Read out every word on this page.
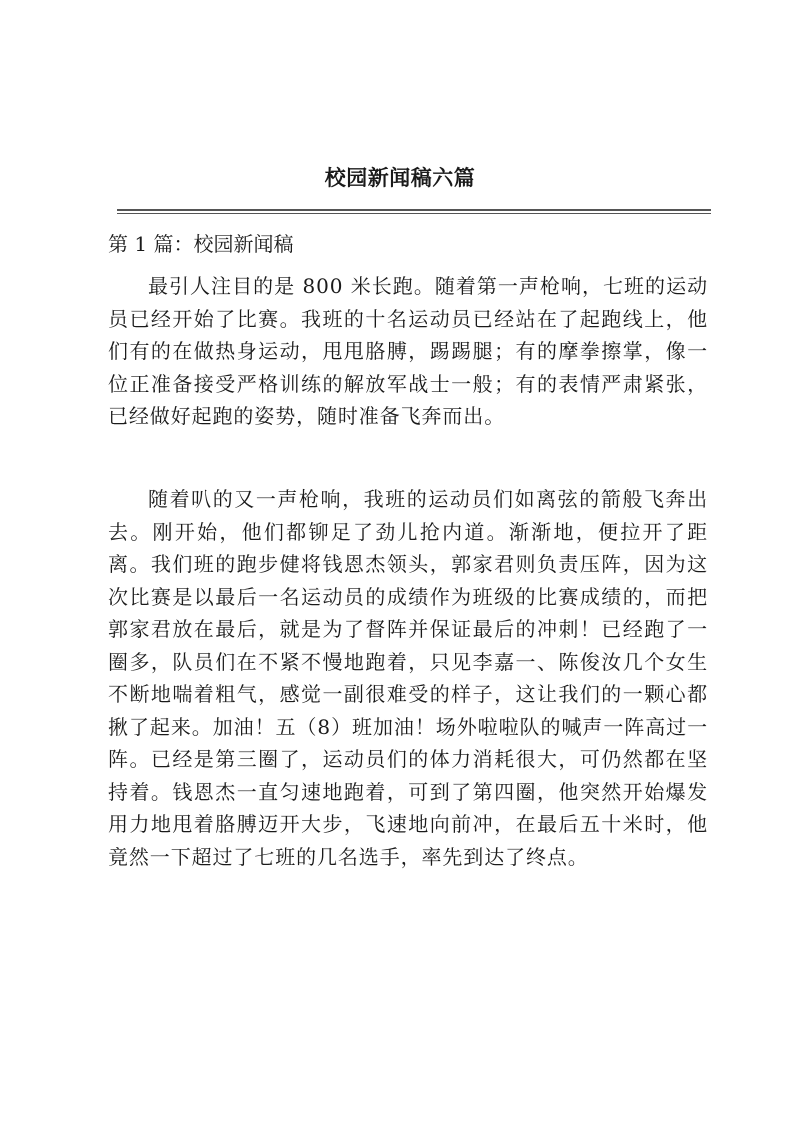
校园新闻稿六篇
第 1 篇：校园新闻稿

最引人注目的是 800 米长跑。随着第一声枪响，七班的运动员已经开始了比赛。我班的十名运动员已经站在了起跑线上，他们有的在做热身运动，甩甩胳膊，踢踢腿；有的摩拳擦掌，像一位正准备接受严格训练的解放军战士一般；有的表情严肃紧张，已经做好起跑的姿势，随时准备飞奔而出。

随着叭的又一声枪响，我班的运动员们如离弦的箭般飞奔出去。刚开始，他们都铆足了劲儿抢内道。渐渐地，便拉开了距离。我们班的跑步健将钱恩杰领头，郭家君则负责压阵，因为这次比赛是以最后一名运动员的成绩作为班级的比赛成绩的，而把郭家君放在最后，就是为了督阵并保证最后的冲刺！已经跑了一圈多，队员们在不紧不慢地跑着，只见李嘉一、陈俊汝几个女生不断地喘着粗气，感觉一副很难受的样子，这让我们的一颗心都揪了起来。加油！五（8）班加油！场外啦啦队的喊声一阵高过一阵。已经是第三圈了，运动员们的体力消耗很大，可仍然都在坚持着。钱恩杰一直匀速地跑着，可到了第四圈，他突然开始爆发用力地甩着胳膊迈开大步，飞速地向前冲，在最后五十米时，他竟然一下超过了七班的几名选手，率先到达了终点。
